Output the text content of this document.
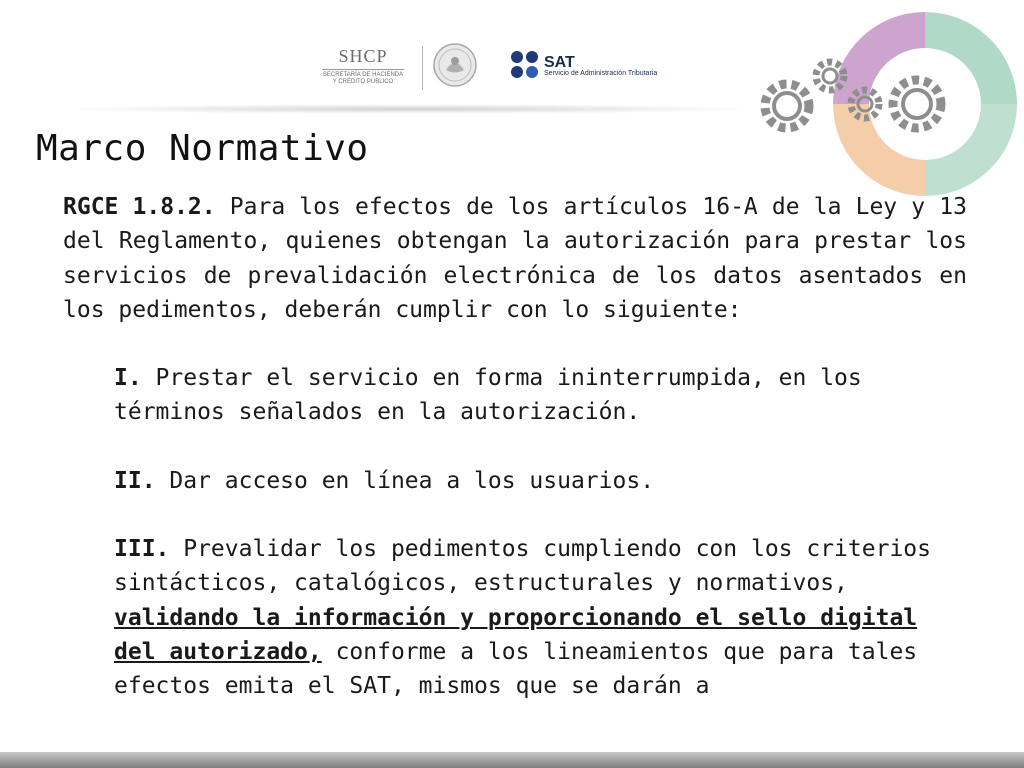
SHCP
SECRETARÍA DE HACIENDA
Y CRÉDITO PÚBLICO
SAT
Servicio de Administración Tributaria
Marco Normativo

RGCE 1.8.2. Para los efectos de los artículos 16-A de la Ley y 13 del Reglamento, quienes obtengan la autorización para prestar los servicios de prevalidación electrónica de los datos asentados en los pedimentos, deberán cumplir con lo siguiente:

I. Prestar el servicio en forma ininterrumpida, en los términos señalados en la autorización.
II. Dar acceso en línea a los usuarios.
III. Prevalidar los pedimentos cumpliendo con los criterios sintácticos, catalógicos, estructurales y normativos, validando la información y proporcionando el sello digital del autorizado, conforme a los lineamientos que para tales efectos emita el SAT, mismos que se darán a
